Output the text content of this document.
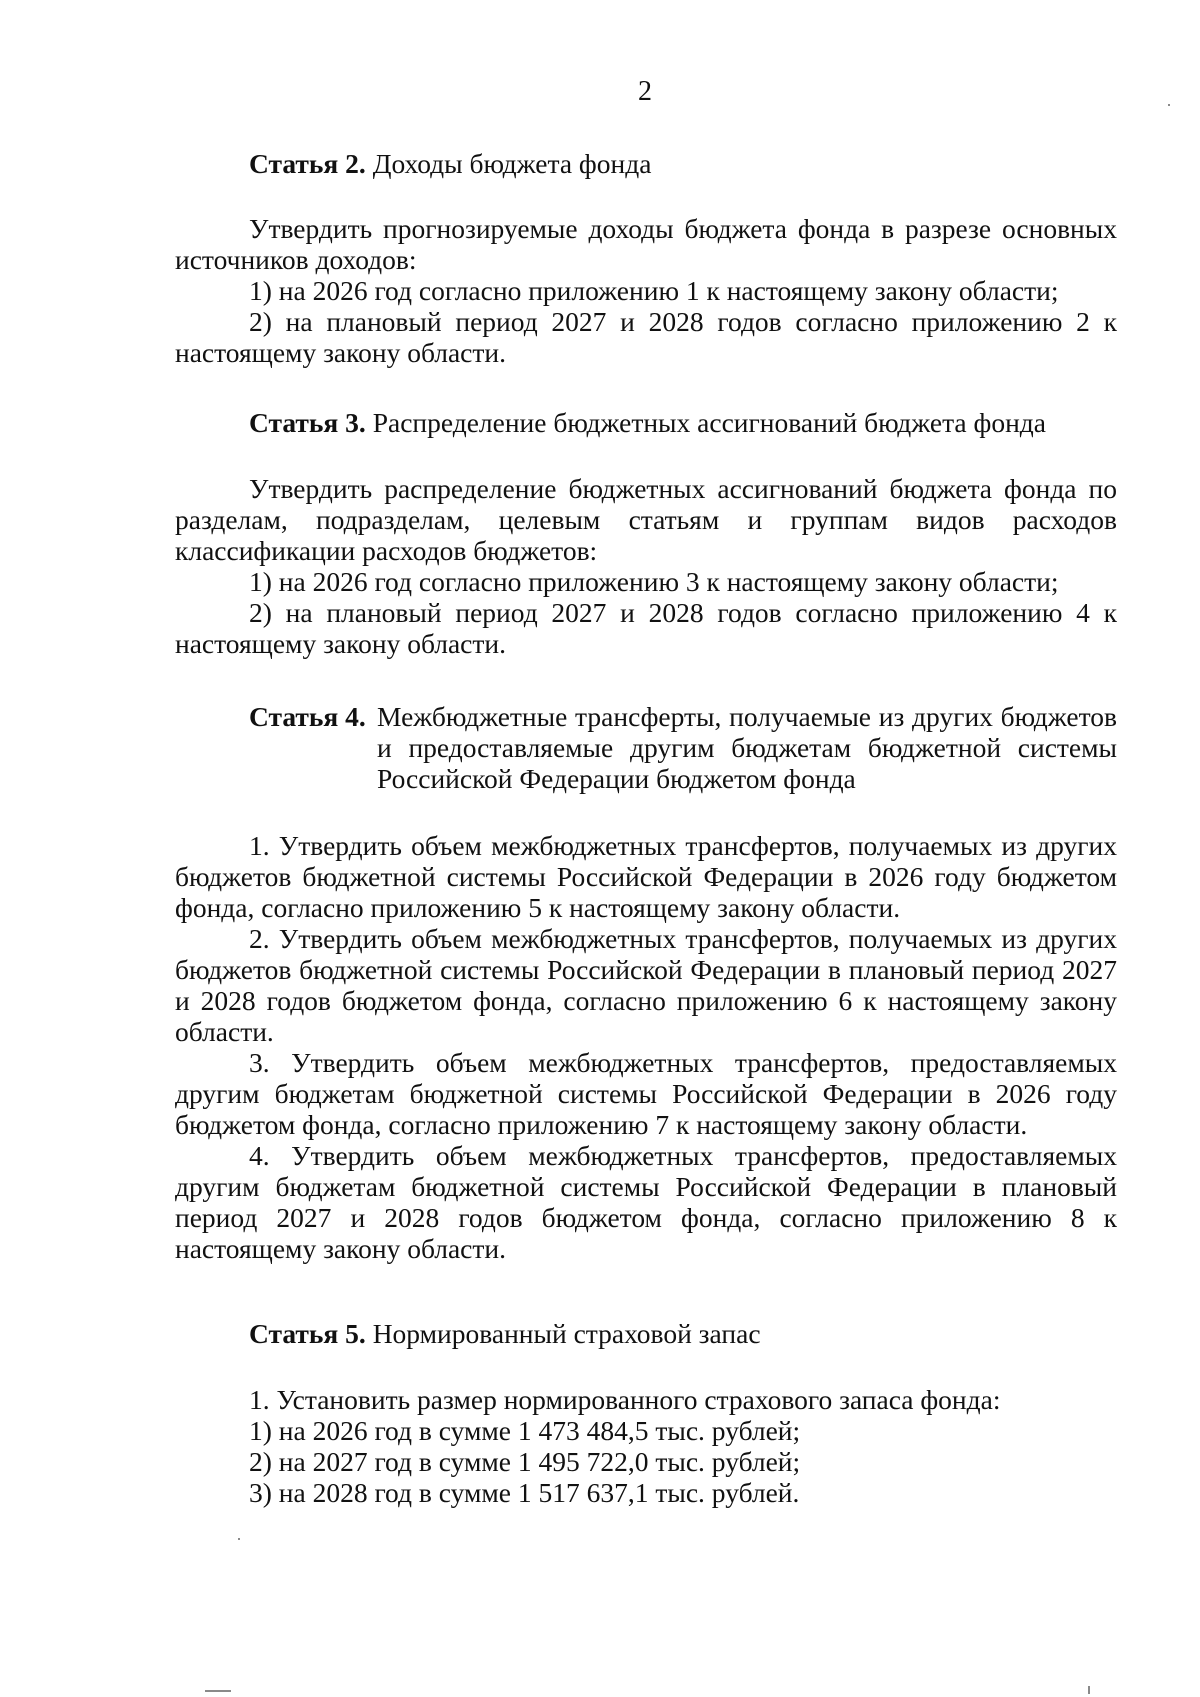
2
Статья 2. Доходы бюджета фонда

Утвердить прогнозируемые доходы бюджета фонда в разрезе основных источников доходов:

1) на 2026 год согласно приложению 1 к настоящему закону области;

2) на плановый период 2027 и 2028 годов согласно приложению 2 к настоящему закону области.

Статья 3. Распределение бюджетных ассигнований бюджета фонда

Утвердить распределение бюджетных ассигнований бюджета фонда по разделам, подразделам, целевым статьям и группам видов расходов классификации расходов бюджетов:

1) на 2026 год согласно приложению 3 к настоящему закону области;

2) на плановый период 2027 и 2028 годов согласно приложению 4 к настоящему закону области.

Статья 4. Межбюджетные трансферты, получаемые из других бюджетов и предоставляемые другим бюджетам бюджетной системы Российской Федерации бюджетом фонда

1. Утвердить объем межбюджетных трансфертов, получаемых из других бюджетов бюджетной системы Российской Федерации в 2026 году бюджетом фонда, согласно приложению 5 к настоящему закону области.

2. Утвердить объем межбюджетных трансфертов, получаемых из других бюджетов бюджетной системы Российской Федерации в плановый период 2027 и 2028 годов бюджетом фонда, согласно приложению 6 к настоящему закону области.

3. Утвердить объем межбюджетных трансфертов, предоставляемых другим бюджетам бюджетной системы Российской Федерации в 2026 году бюджетом фонда, согласно приложению 7 к настоящему закону области.

4. Утвердить объем межбюджетных трансфертов, предоставляемых другим бюджетам бюджетной системы Российской Федерации в плановый период 2027 и 2028 годов бюджетом фонда, согласно приложению 8 к настоящему закону области.

Статья 5. Нормированный страховой запас

1. Установить размер нормированного страхового запаса фонда:

1) на 2026 год в сумме 1 473 484,5 тыс. рублей;

2) на 2027 год в сумме 1 495 722,0 тыс. рублей;

3) на 2028 год в сумме 1 517 637,1 тыс. рублей.
